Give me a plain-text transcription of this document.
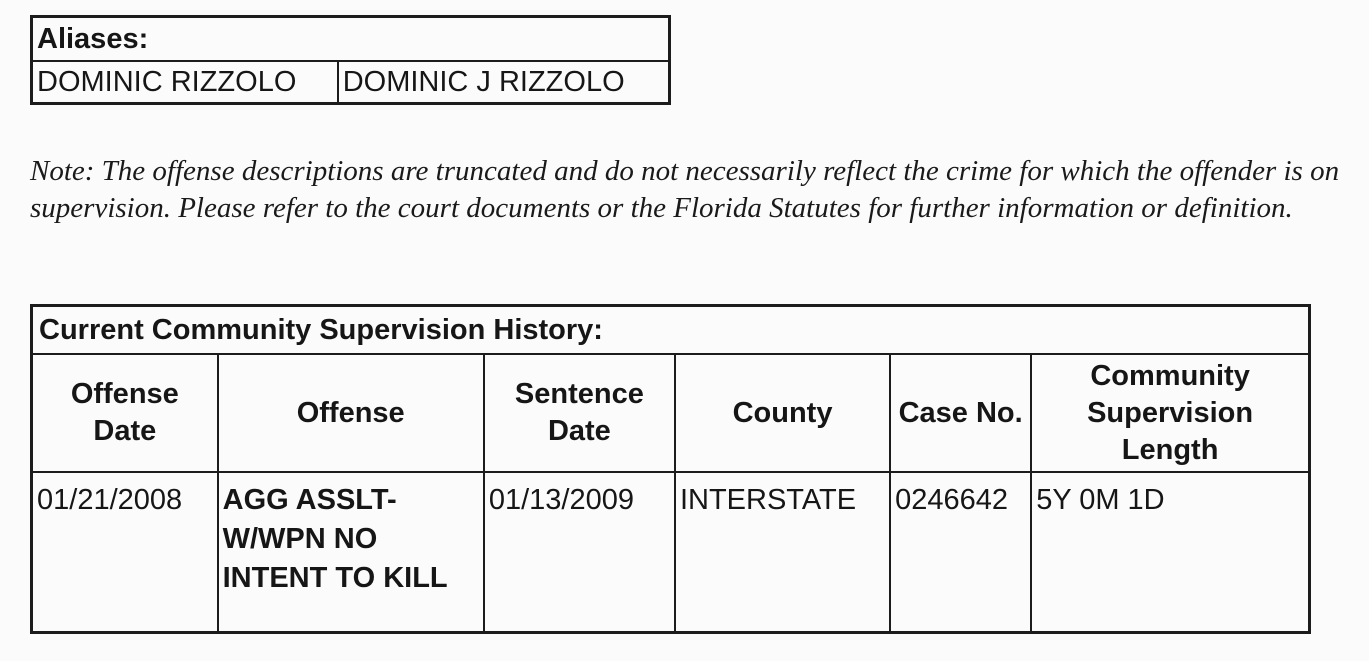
Aliases:
DOMINIC RIZZOLO	DOMINIC J RIZZOLO

Note: The offense descriptions are truncated and do not necessarily reflect the crime for which the offender is on supervision. Please refer to the court documents or the Florida Statutes for further information or definition.

Current Community Supervision History:					
Offense Date	Offense	Sentence Date	County	Case No.	Community Supervision Length
01/21/2008	AGG ASSLT-W/WPN NO INTENT TO KILL	01/13/2009	INTERSTATE	0246642	5Y 0M 1D
